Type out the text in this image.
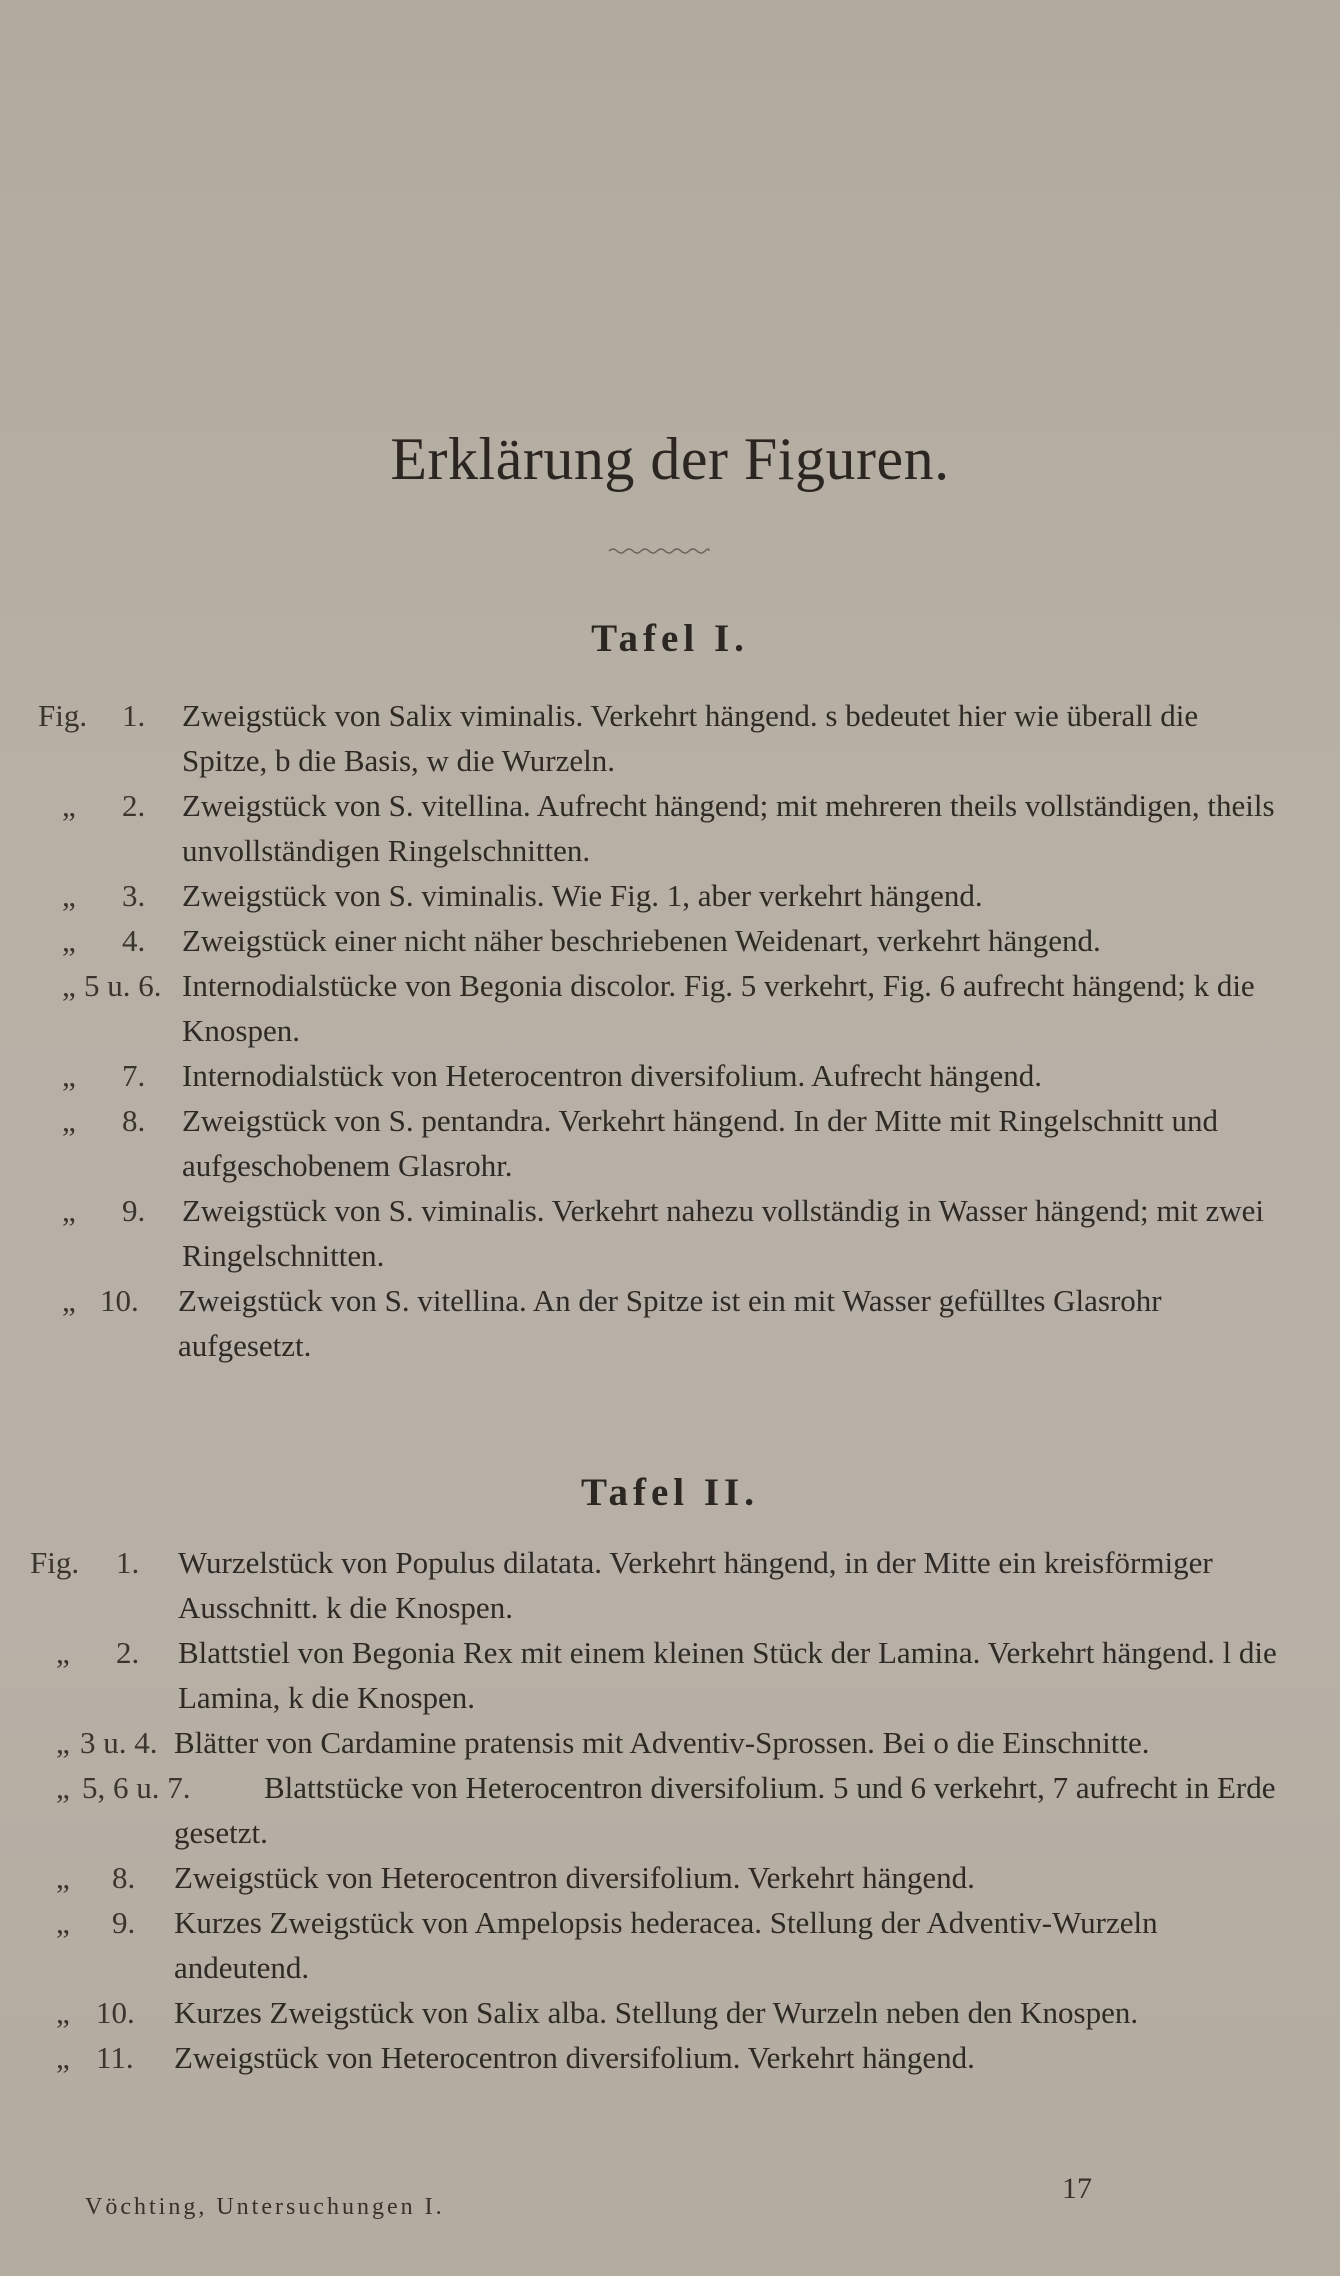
Erklärung der Figuren.
Tafel I.
Fig. 1. Zweigstück von Salix viminalis. Verkehrt hängend. s bedeutet hier wie überall die Spitze, b die Basis, w die Wurzeln.
„ 2. Zweigstück von S. vitellina. Aufrecht hängend; mit mehreren theils vollständigen, theils unvollständigen Ringelschnitten.
„ 3. Zweigstück von S. viminalis. Wie Fig. 1, aber verkehrt hängend.
„ 4. Zweigstück einer nicht näher beschriebenen Weidenart, verkehrt hängend.
„ 5 u. 6. Internodialstücke von Begonia discolor. Fig. 5 verkehrt, Fig. 6 aufrecht hängend; k die Knospen.
„ 7. Internodialstück von Heterocentron diversifolium. Aufrecht hängend.
„ 8. Zweigstück von S. pentandra. Verkehrt hängend. In der Mitte mit Ringelschnitt und aufgeschobenem Glasrohr.
„ 9. Zweigstück von S. viminalis. Verkehrt nahezu vollständig in Wasser hängend; mit zwei Ringelschnitten.
„ 10. Zweigstück von S. vitellina. An der Spitze ist ein mit Wasser gefülltes Glasrohr aufgesetzt.
Tafel II.
Fig. 1. Wurzelstück von Populus dilatata. Verkehrt hängend, in der Mitte ein kreisförmiger Ausschnitt. k die Knospen.
„ 2. Blattstiel von Begonia Rex mit einem kleinen Stück der Lamina. Verkehrt hängend. l die Lamina, k die Knospen.
„ 3 u. 4. Blätter von Cardamine pratensis mit Adventiv-Sprossen. Bei o die Einschnitte.
„ 5, 6 u. 7.	Blattstücke von Heterocentron diversifolium. 5 und 6 verkehrt, 7 aufrecht in Erde gesetzt.
„ 8. Zweigstück von Heterocentron diversifolium. Verkehrt hängend.
„ 9. Kurzes Zweigstück von Ampelopsis hederacea. Stellung der Adventiv-Wurzeln andeutend.
„ 10. Kurzes Zweigstück von Salix alba. Stellung der Wurzeln neben den Knospen.
„ 11. Zweigstück von Heterocentron diversifolium. Verkehrt hängend.
Vöchting, Untersuchungen I.
17
